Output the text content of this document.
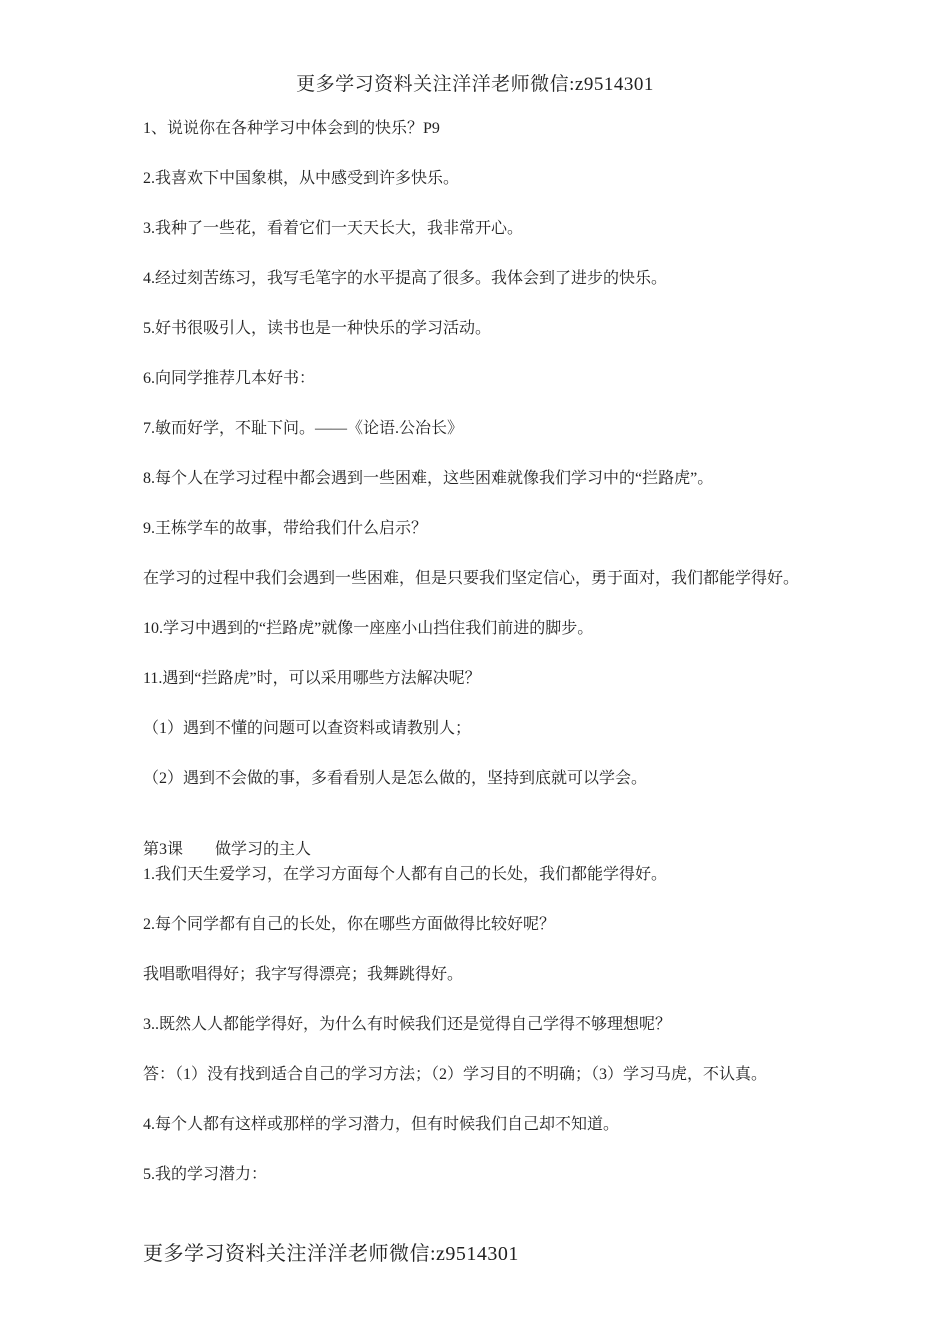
更多学习资料关注洋洋老师微信:z9514301
1、说说你在各种学习中体会到的快乐？P9
2.我喜欢下中国象棋，从中感受到许多快乐。
3.我种了一些花，看着它们一天天长大，我非常开心。
4.经过刻苦练习，我写毛笔字的水平提高了很多。我体会到了进步的快乐。
5.好书很吸引人，读书也是一种快乐的学习活动。
6.向同学推荐几本好书：
7.敏而好学，不耻下问。——《论语.公冶长》
8.每个人在学习过程中都会遇到一些困难，这些困难就像我们学习中的“拦路虎”。
9.王栋学车的故事，带给我们什么启示？
在学习的过程中我们会遇到一些困难，但是只要我们坚定信心，勇于面对，我们都能学得好。
10.学习中遇到的“拦路虎”就像一座座小山挡住我们前进的脚步。
11.遇到“拦路虎”时，可以采用哪些方法解决呢？
（1）遇到不懂的问题可以查资料或请教别人；
（2）遇到不会做的事，多看看别人是怎么做的，坚持到底就可以学会。
第3课　　做学习的主人
1.我们天生爱学习，在学习方面每个人都有自己的长处，我们都能学得好。
2.每个同学都有自己的长处，你在哪些方面做得比较好呢？
我唱歌唱得好；我字写得漂亮；我舞跳得好。
3..既然人人都能学得好，为什么有时候我们还是觉得自己学得不够理想呢？
答：（1）没有找到适合自己的学习方法；（2）学习目的不明确；（3）学习马虎，不认真。
4.每个人都有这样或那样的学习潜力，但有时候我们自己却不知道。
5.我的学习潜力：
更多学习资料关注洋洋老师微信:z9514301
